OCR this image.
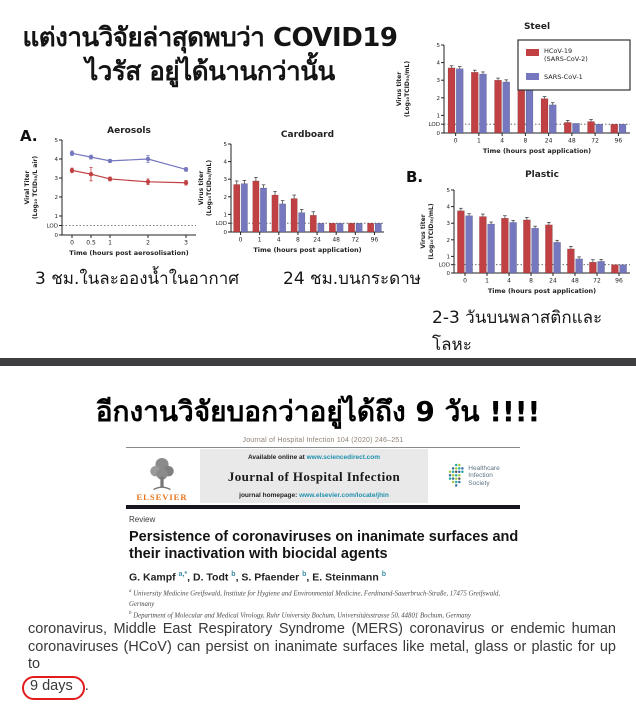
แต่งานวิจัยล่าสุดพบว่า COVID19
ไวรัส อยู่ได้นานกว่านั้น
A.
B.
Aerosols
Viral Titer (Log₁₀ TCID₅₀/L air)
0
LOD
1
2
3
4
5
0 0.5 1	2	3
Time (hours post aerosolisation)
Cardboard
Virus titer (Log₁₀TCID₅₀/mL)
0
LOD
1
2
3
4
5
0	1	4	8 24 48 72 96
Time (hours post application)
Steel
Virus titer (Log₁₀TCID₅₀/mL)
0
LOD
1
2
3
4
5
0	1	4	8	24	48	72	96
Time (hours post application)
HCoV-19
(SARS-CoV-2)
SARS-CoV-1
Plastic
Virus titer (Log₁₀TCID₅₀/mL)
0
LOD
1
2
3
4
5
0	1	4	8	24 48 72 96
Time (hours post application)
3 ชม.ในละอองน้ำในอากาศ	24 ชม.บนกระดาษ
2-3 วันบนพลาสติกและโลหะ
อีกงานวิจัยบอกว่าอยู่ได้ถึง 9 วัน !!!!
Journal of Hospital Infection 104 (2020) 246–251
ELSEVIER
Available online at www.sciencedirect.com
Journal of Hospital Infection
journal homepage: www.elsevier.com/locate/jhin
Healthcare
Infection
Society
Review
Persistence of coronaviruses on inanimate surfaces and
their inactivation with biocidal agents
G. Kampf $^{a,*}$, D. Todt $^b$, S. Pfaender $^b$, E. Steinmann $^b$
$^a$ University Medicine Greifswald, Institute for Hygiene and Environmental Medicine, Ferdinand-Sauerbruch-Straße, 17475 Greifswald, Germany
$^b$ Department of Molecular and Medical Virology, Ruhr University Bochum, Universitätsstrasse 50, 44801 Bochum, Germany
coronavirus, Middle East Respiratory Syndrome (MERS) coronavirus or endemic human
coronaviruses (HCoV) can persist on inanimate surfaces like metal, glass or plastic for up to
9 days .
